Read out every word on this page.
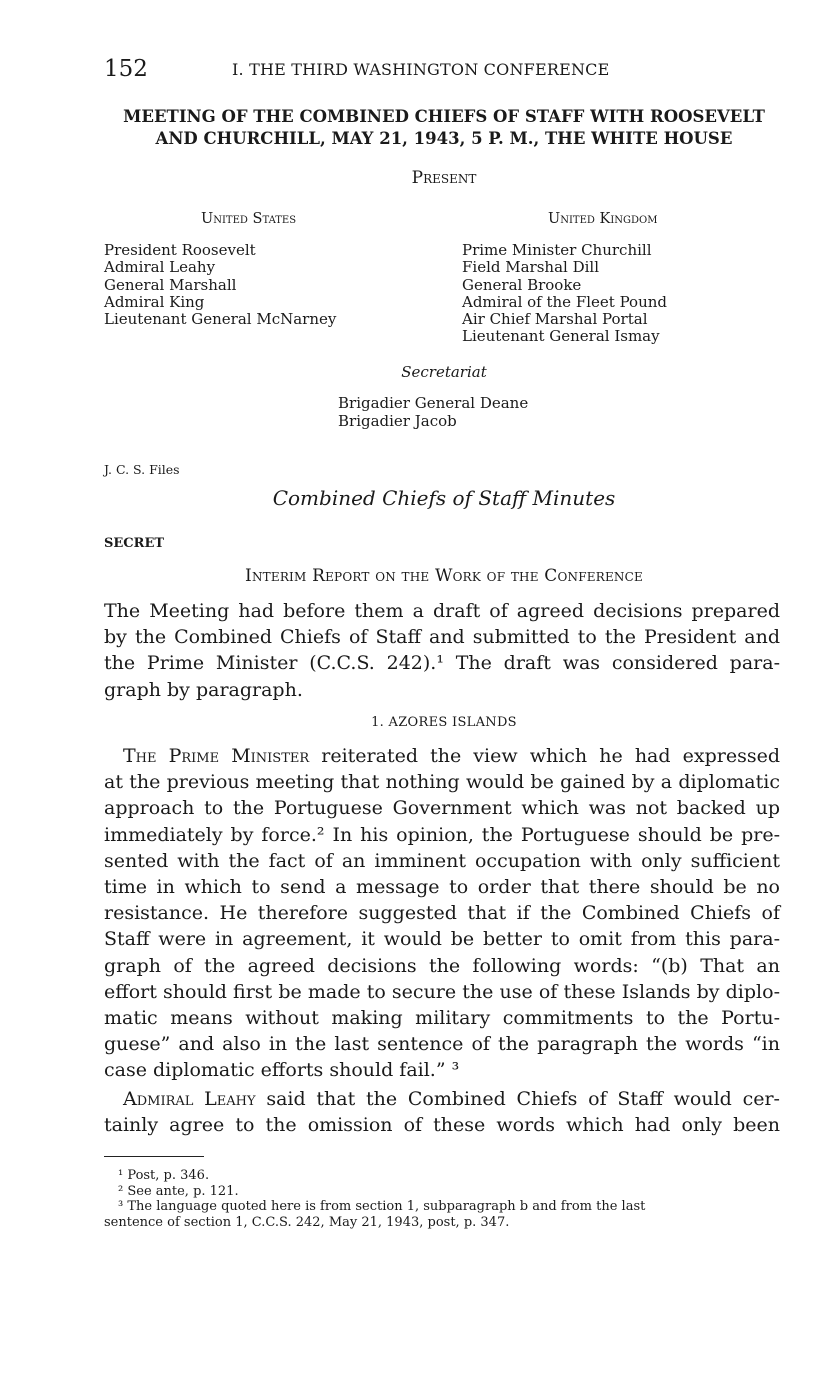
152	I. THE THIRD WASHINGTON CONFERENCE
MEETING OF THE COMBINED CHIEFS OF STAFF WITH ROOSEVELT
AND CHURCHILL, MAY 21, 1943, 5 P. M., THE WHITE HOUSE
Present
United States	United Kingdom
President Roosevelt
Admiral Leahy
General Marshall
Admiral King
Lieutenant General McNarney
Prime Minister Churchill
Field Marshal Dill
General Brooke
Admiral of the Fleet Pound
Air Chief Marshal Portal
Lieutenant General Ismay
Secretariat
Brigadier General Deane
Brigadier Jacob
J. C. S. Files
Combined Chiefs of Staff Minutes
SECRET
Interim Report on the Work of the Conference
The Meeting had before them a draft of agreed decisions prepared
by the Combined Chiefs of Staff and submitted to the President and
the Prime Minister (C.C.S. 242).¹ The draft was considered para-
graph by paragraph.
1. AZORES ISLANDS
 The Prime Minister reiterated the view which he had expressed
at the previous meeting that nothing would be gained by a diplomatic
approach to the Portuguese Government which was not backed up
immediately by force.² In his opinion, the Portuguese should be pre-
sented with the fact of an imminent occupation with only sufficient
time in which to send a message to order that there should be no
resistance. He therefore suggested that if the Combined Chiefs of
Staff were in agreement, it would be better to omit from this para-
graph of the agreed decisions the following words: “(b) That an
effort should first be made to secure the use of these Islands by diplo-
matic means without making military commitments to the Portu-
guese” and also in the last sentence of the paragraph the words “in
case diplomatic efforts should fail.” ³
 Admiral Leahy said that the Combined Chiefs of Staff would cer-
tainly agree to the omission of these words which had only been
¹ Post, p. 346.
² See ante, p. 121.
³ The language quoted here is from section 1, subparagraph b and from the last
sentence of section 1, C.C.S. 242, May 21, 1943, post, p. 347.
